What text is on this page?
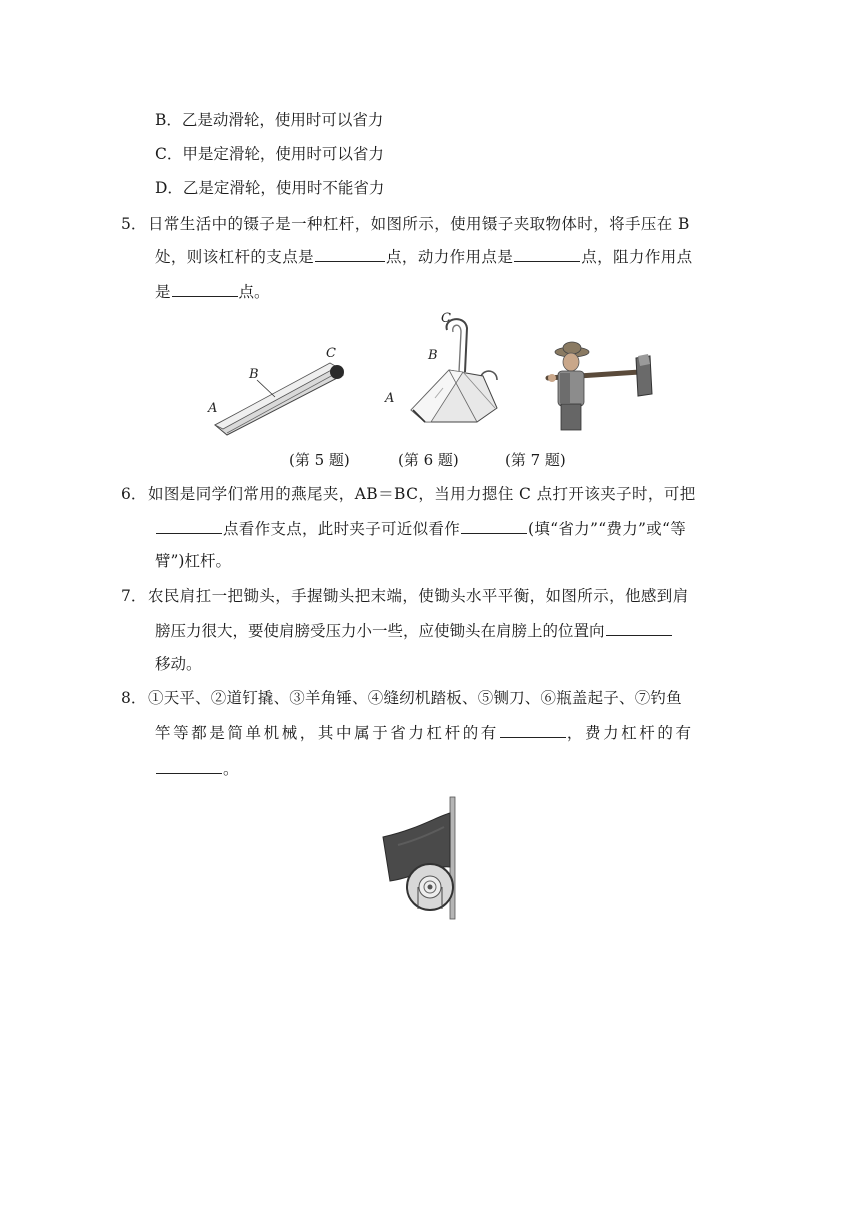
B．乙是动滑轮，使用时可以省力
C．甲是定滑轮，使用时可以省力
D．乙是定滑轮，使用时不能省力
5． 日常生活中的镊子是一种杠杆，如图所示，使用镊子夹取物体时，将手压在 B
处，则该杠杆的支点是	点，动力作用点是	点，阻力作用点
是	点。
A
B
C
C
B
A
(第 5 题)	(第 6 题)	(第 7 题)
6． 如图是同学们常用的燕尾夹，AB＝BC，当用力摁住 C 点打开该夹子时，可把
点看作支点，此时夹子可近似看作	(填“省力”“费力”或“等
臂”)杠杆。
7． 农民肩扛一把锄头，手握锄头把末端，使锄头水平平衡，如图所示，他感到肩
膀压力很大，要使肩膀受压力小一些，应使锄头在肩膀上的位置向
移动。
8． ①天平、②道钉撬、③羊角锤、④缝纫机踏板、⑤铡刀、⑥瓶盖起子、⑦钓鱼
竿等都是简单机械，其中属于省力杠杆的有	，费力杠杆的有
。
